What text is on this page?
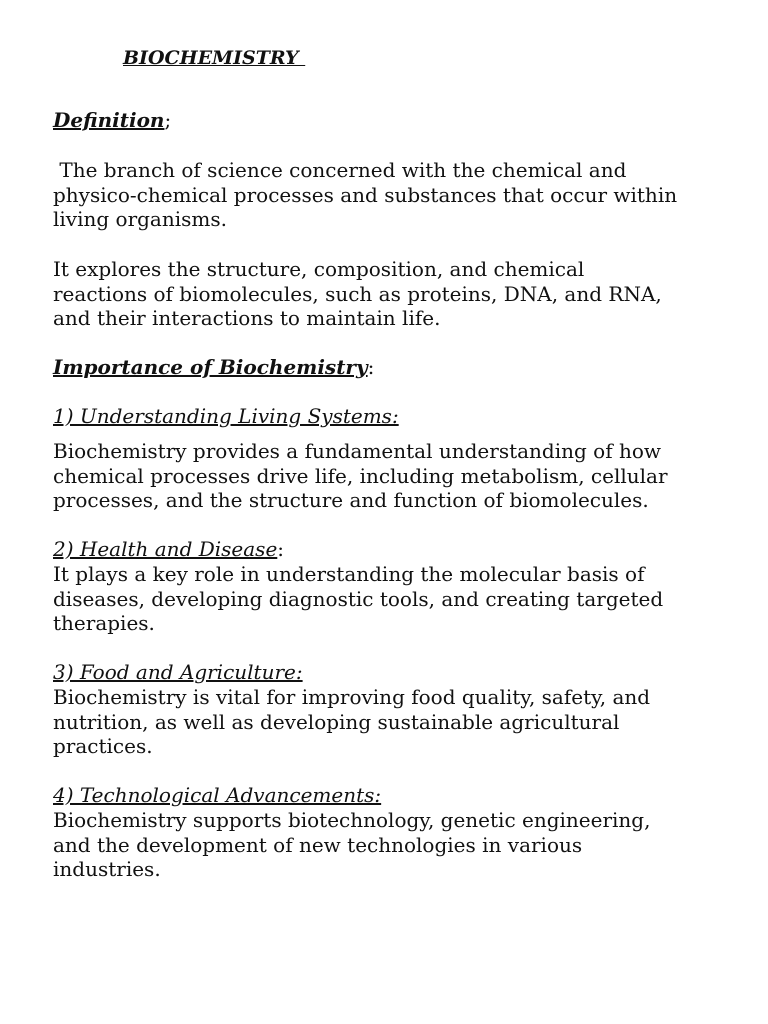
BIOCHEMISTRY

Definition;

The branch of science concerned with the chemical and
physico-chemical processes and substances that occur within
living organisms.
It explores the structure, composition, and chemical
reactions of biomolecules, such as proteins, DNA, and RNA,
and their interactions to maintain life.

Importance of Biochemistry:

1) Understanding Living Systems:

Biochemistry provides a fundamental understanding of how
chemical processes drive life, including metabolism, cellular
processes, and the structure and function of biomolecules.

2) Health and Disease:

It plays a key role in understanding the molecular basis of
diseases, developing diagnostic tools, and creating targeted
therapies.

3) Food and Agriculture:

Biochemistry is vital for improving food quality, safety, and
nutrition, as well as developing sustainable agricultural
practices.

4) Technological Advancements:

Biochemistry supports biotechnology, genetic engineering,
and the development of new technologies in various
industries.
